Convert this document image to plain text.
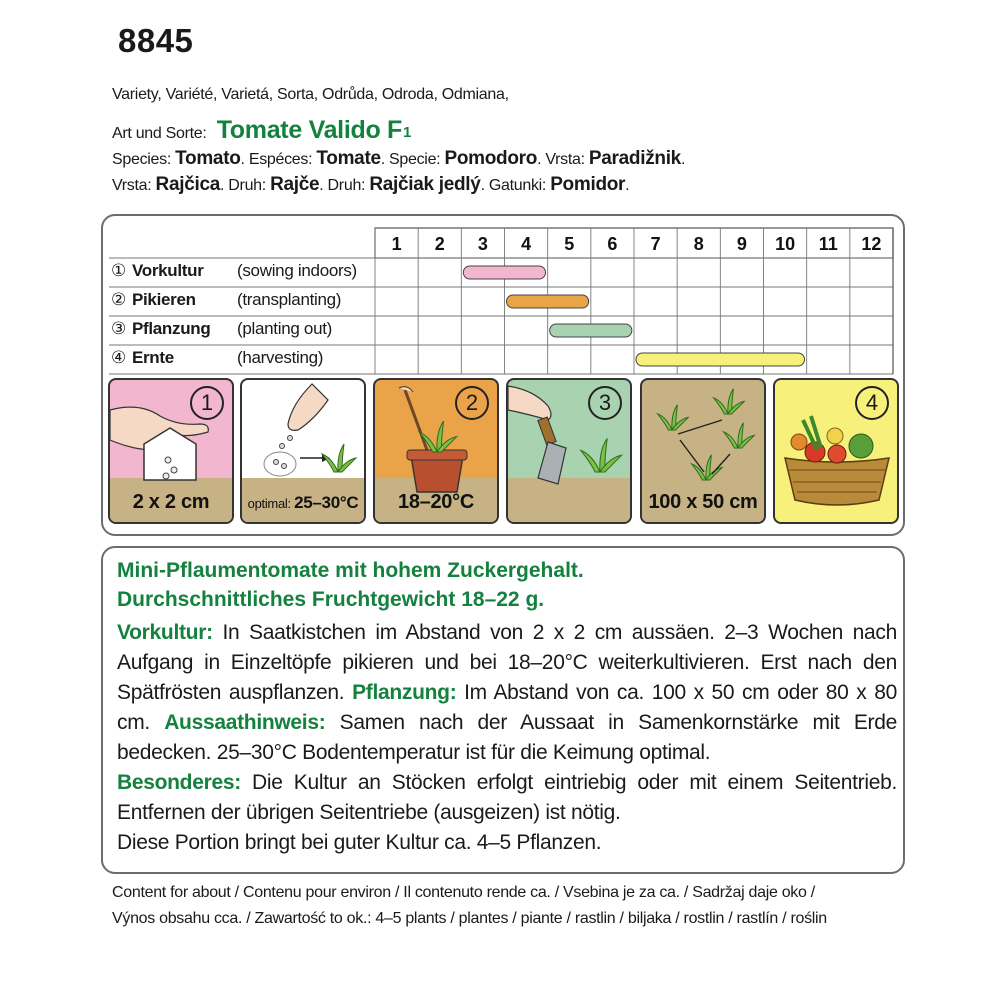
8845
Variety, Variété, Varietá, Sorta, Odrůda, Odroda, Odmiana,
Art und Sorte: Tomate Valido $F_1$
Species: Tomato. Espéces: Tomate. Specie: Pomodoro. Vrsta: Paradižnik.
Vrsta: Rajčica. Druh: Rajče. Druh: Rajčiak jedlý. Gatunki: Pomidor.
1 2 3 4 5 6 7 8 9 10 11 12
① Vorkultur (sowing indoors)
② Pikieren (transplanting)
③ Pflanzung (planting out)
④ Ernte	(harvesting)
1
2 x 2 cm	optimal: 25–30°C
2
18–20°C
3
100 x 50 cm
4
Mini-Pflaumentomate mit hohem Zuckergehalt.
Durchschnittliches Fruchtgewicht 18–22 g.
Vorkultur: In Saatkistchen im Abstand von 2 x 2 cm aussäen. 2–3 Wochen nach Aufgang in Einzeltöpfe pikieren und bei 18–20°C weiterkultivieren. Erst nach den Spätfrösten auspflanzen. Pflanzung: Im Abstand von ca. 100 x 50 cm oder 80 x 80 cm. Aussaathinweis: Samen nach der Aussaat in Samenkornstärke mit Erde bedecken. 25–30°C Bodentemperatur ist für die Keimung optimal.
Besonderes: Die Kultur an Stöcken erfolgt eintriebig oder mit einem Seitentrieb. Entfernen der übrigen Seitentriebe (ausgeizen) ist nötig.
Diese Portion bringt bei guter Kultur ca. 4–5 Pflanzen.
Content for about / Contenu pour environ / Il contenuto rende ca. / Vsebina je za ca. / Sadržaj daje oko /
Výnos obsahu cca. / Zawartość to ok.: 4–5 plants / plantes / piante / rastlin / biljaka / rostlin / rastlín / roślin
